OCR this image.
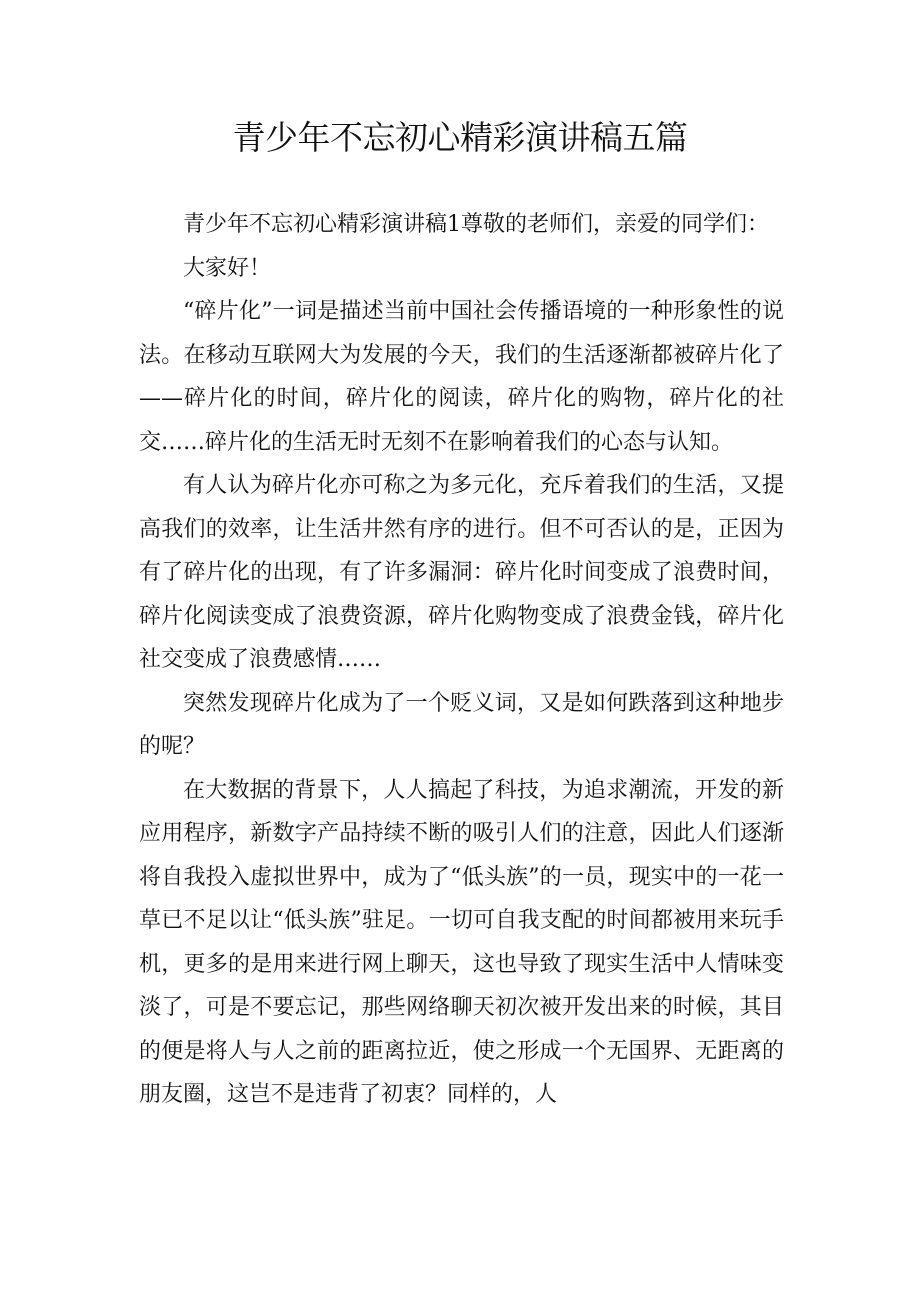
青少年不忘初心精彩演讲稿五篇

青少年不忘初心精彩演讲稿1尊敬的老师们，亲爱的同学们：

大家好！

“碎片化”一词是描述当前中国社会传播语境的一种形象性的说法。在移动互联网大为发展的今天，我们的生活逐渐都被碎片化了——碎片化的时间，碎片化的阅读，碎片化的购物，碎片化的社交……碎片化的生活无时无刻不在影响着我们的心态与认知。

有人认为碎片化亦可称之为多元化，充斥着我们的生活，又提高我们的效率，让生活井然有序的进行。但不可否认的是，正因为有了碎片化的出现，有了许多漏洞：碎片化时间变成了浪费时间，碎片化阅读变成了浪费资源，碎片化购物变成了浪费金钱，碎片化社交变成了浪费感情……

突然发现碎片化成为了一个贬义词，又是如何跌落到这种地步的呢？

在大数据的背景下，人人搞起了科技，为追求潮流，开发的新应用程序，新数字产品持续不断的吸引人们的注意，因此人们逐渐将自我投入虚拟世界中，成为了“低头族”的一员，现实中的一花一草已不足以让“低头族”驻足。一切可自我支配的时间都被用来玩手机，更多的是用来进行网上聊天，这也导致了现实生活中人情味变淡了，可是不要忘记，那些网络聊天初次被开发出来的时候，其目的便是将人与人之前的距离拉近，使之形成一个无国界、无距离的朋友圈，这岂不是违背了初衷？同样的，人
